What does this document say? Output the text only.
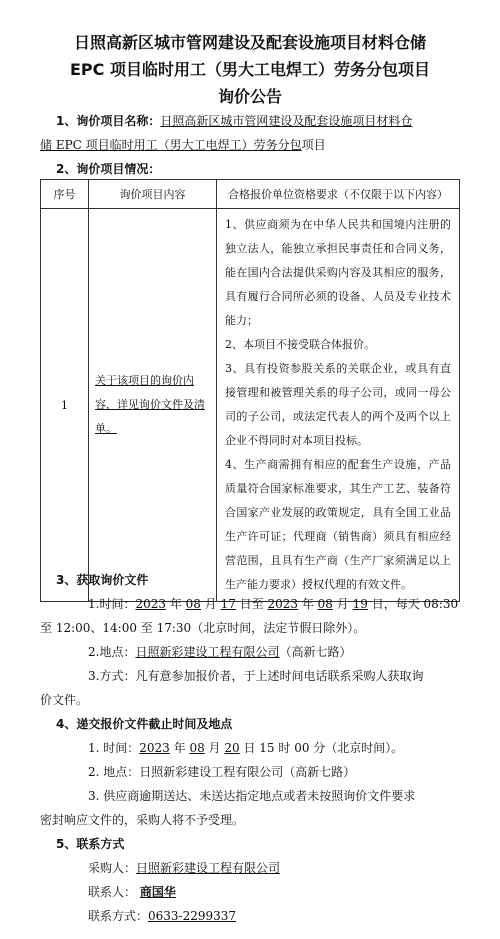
日照高新区城市管网建设及配套设施项目材料仓储
EPC 项目临时用工（男大工电焊工）劳务分包项目
询价公告
1、询价项目名称：日照高新区城市管网建设及配套设施项目材料仓
储 EPC 项目临时用工（男大工电焊工）劳务分包项目
2、询价项目情况：
序号	询价项目内容	合格报价单位资格要求（不仅限于以下内容）
1	关于该项目的询价内容，详见询价文件及清单。	1、供应商须为在中华人民共和国境内注册的独立法人，能独立承担民事责任和合同义务，能在国内合法提供采购内容及其相应的服务，具有履行合同所必须的设备、人员及专业技术能力；

2、本项目不接受联合体报价。

3、具有投资参股关系的关联企业，或具有直接管理和被管理关系的母子公司，或同一母公司的子公司，或法定代表人的两个及两个以上企业不得同时对本项目投标。

4、生产商需拥有相应的配套生产设施，产品质量符合国家标准要求，其生产工艺、装备符合国家产业发展的政策规定，具有全国工业品生产许可证；代理商（销售商）须具有相应经营范围，且具有生产商（生产厂家须满足以上生产能力要求）授权代理的有效文件。

3、获取询价文件
1.时间：2023 年 08 月 17 日至 2023 年 08 月 19 日，每天 08:30
至 12:00、14:00 至 17:30（北京时间，法定节假日除外）。
2.地点：日照新彩建设工程有限公司（高新七路）
3.方式：凡有意参加报价者，于上述时间电话联系采购人获取询
价文件。
4、递交报价文件截止时间及地点
1. 时间：2023 年 08 月 20 日 15 时 00 分（北京时间）。
2. 地点：日照新彩建设工程有限公司（高新七路）
3. 供应商逾期送达、未送达指定地点或者未按照询价文件要求
密封响应文件的，采购人将不予受理。
5、联系方式
采购人：日照新彩建设工程有限公司
联系人： 商国华
联系方式：0633-2299337
